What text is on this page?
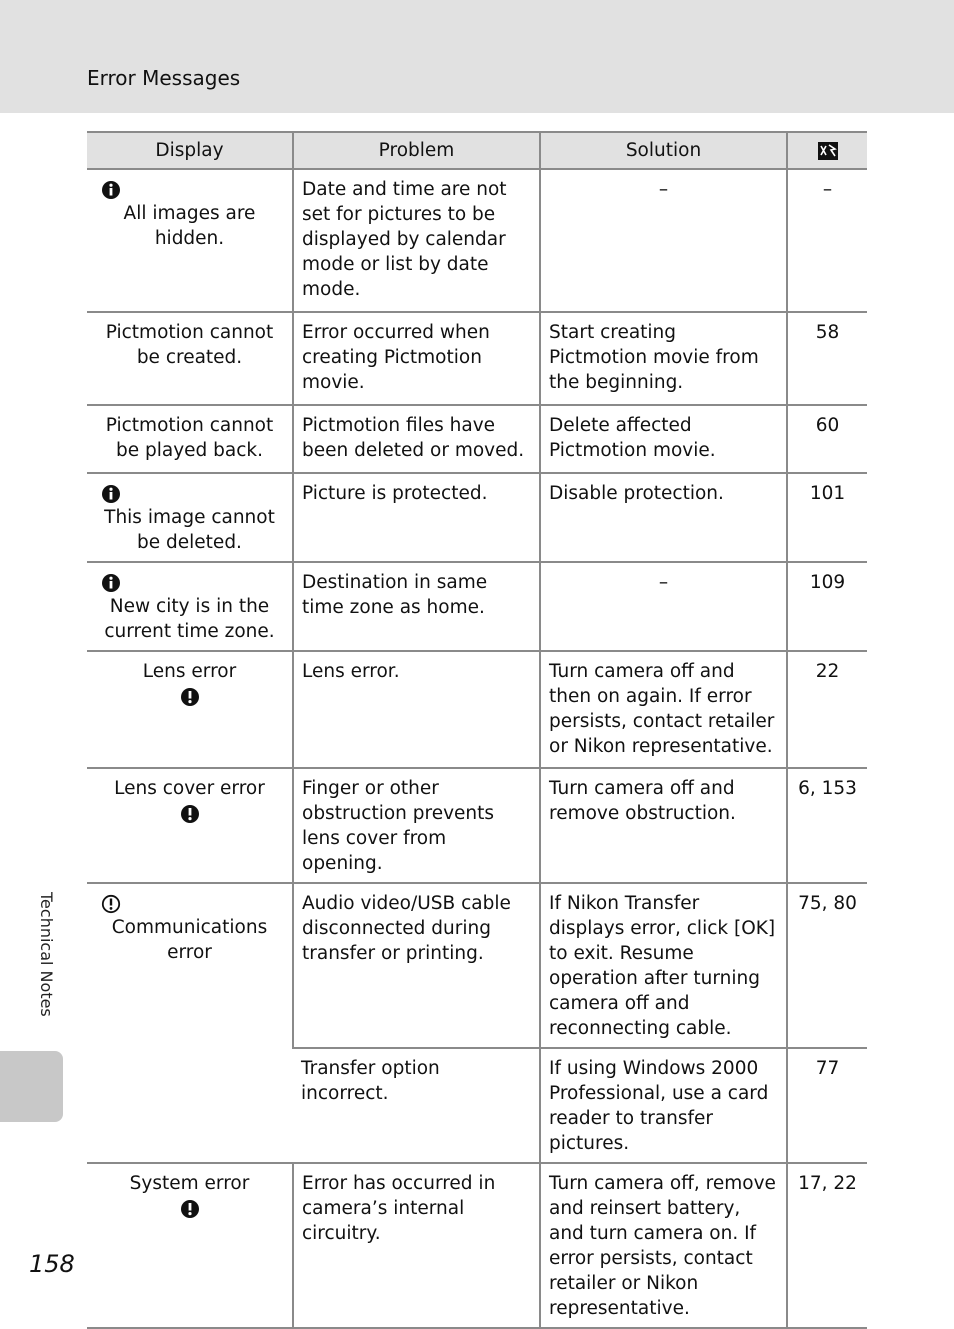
Error Messages
Display	Problem	Solution	

All images are hidden.	Date and time are not set for pictures to be displayed by calendar mode or list by date mode.	–	–
Pictmotion cannot be created.	Error occurred when creating Pictmotion movie.	Start creating Pictmotion movie from the beginning.	58
Pictmotion cannot be played back.	Pictmotion files have been deleted or moved.	Delete affected Pictmotion movie.	60

This image cannot be deleted.	Picture is protected.	Disable protection.	101

New city is in the current time zone.	Destination in same time zone as home.	–	109
Lens error	Lens error.	Turn camera off and then on again. If error persists, contact retailer or Nikon representative.	22
Lens cover error	Finger or other obstruction prevents lens cover from opening.	Turn camera off and remove obstruction.	6, 153

Communications error	Audio video/USB cable disconnected during transfer or printing.	If Nikon Transfer displays error, click [OK] to exit. Resume operation after turning camera off and reconnecting cable.	75, 80
	Transfer option incorrect.	If using Windows 2000 Professional, use a card reader to transfer pictures.	77
System error	Error has occurred in camera’s internal circuitry.	Turn camera off, remove and reinsert battery, and turn camera on. If error persists, contact retailer or Nikon representative.	17, 22
Technical Notes
158
